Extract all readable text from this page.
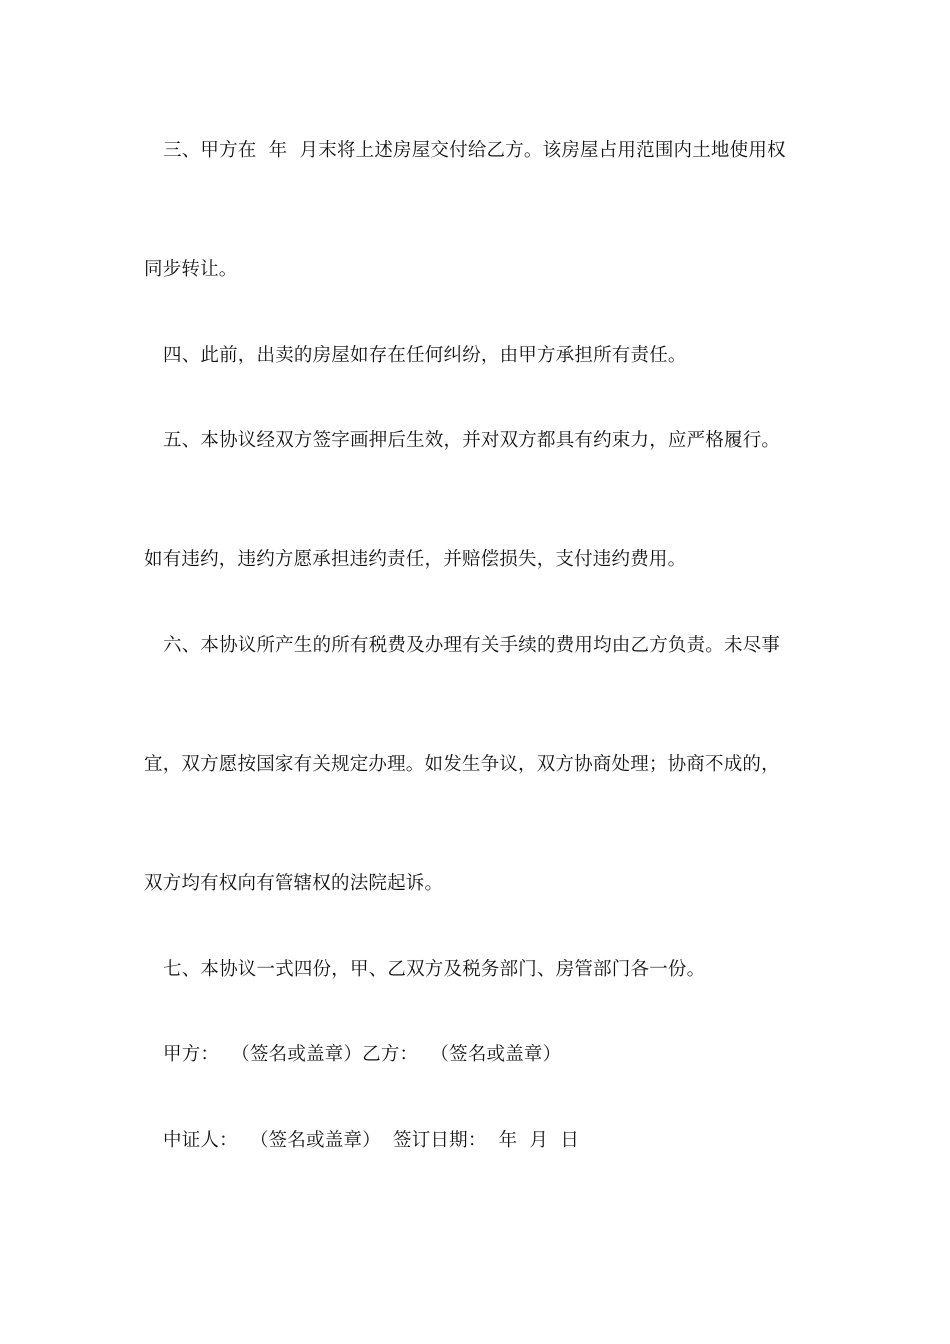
三、甲方在  年  月末将上述房屋交付给乙方。该房屋占用范围内土地使用权
同步转让。
四、此前，出卖的房屋如存在任何纠纷，由甲方承担所有责任。
五、本协议经双方签字画押后生效，并对双方都具有约束力，应严格履行。
如有违约，违约方愿承担违约责任，并赔偿损失，支付违约费用。
六、本协议所产生的所有税费及办理有关手续的费用均由乙方负责。未尽事
宜，双方愿按国家有关规定办理。如发生争议，双方协商处理；协商不成的，
双方均有权向有管辖权的法院起诉。
七、本协议一式四份，甲、乙双方及税务部门、房管部门各一份。
甲方：  （签名或盖章）乙方：  （签名或盖章）
中证人：  （签名或盖章）  签订日期：  年  月  日
